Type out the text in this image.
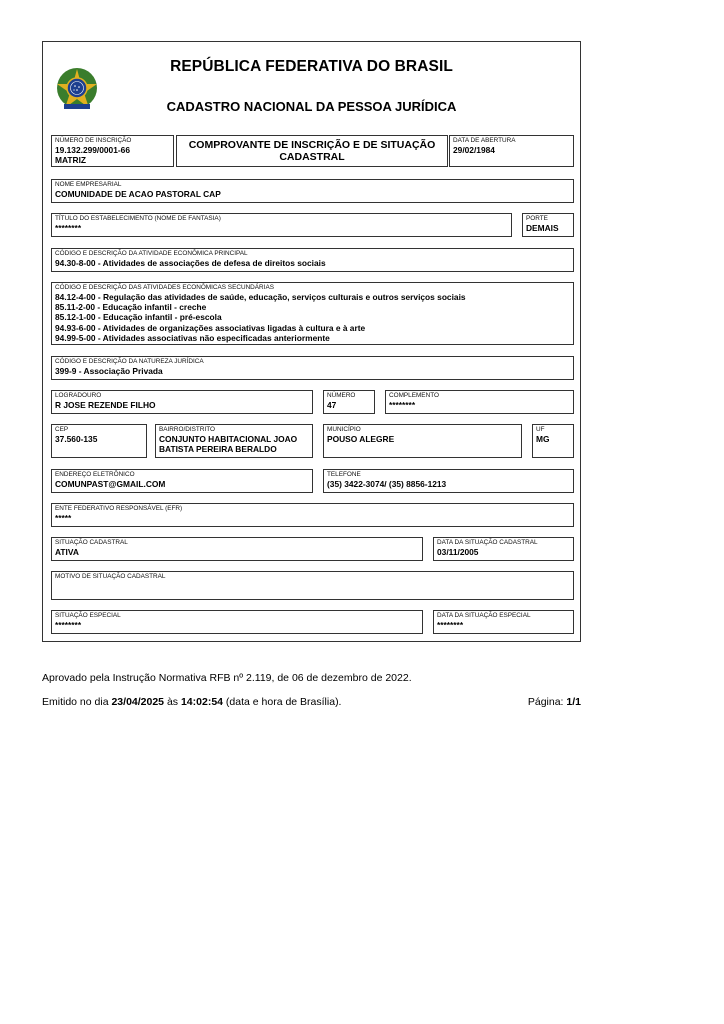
REPÚBLICA FEDERATIVA DO BRASIL
CADASTRO NACIONAL DA PESSOA JURÍDICA
NÚMERO DE INSCRIÇÃO
19.132.299/0001-66
MATRIZ
COMPROVANTE DE INSCRIÇÃO E DE SITUAÇÃO
CADASTRAL
DATA DE ABERTURA
29/02/1984
NOME EMPRESARIAL
COMUNIDADE DE ACAO PASTORAL CAP
TÍTULO DO ESTABELECIMENTO (NOME DE FANTASIA)
********
PORTE
DEMAIS
CÓDIGO E DESCRIÇÃO DA ATIVIDADE ECONÔMICA PRINCIPAL
94.30-8-00 - Atividades de associações de defesa de direitos sociais
CÓDIGO E DESCRIÇÃO DAS ATIVIDADES ECONÔMICAS SECUNDÁRIAS
84.12-4-00 - Regulação das atividades de saúde, educação, serviços culturais e outros serviços sociais
85.11-2-00 - Educação infantil - creche
85.12-1-00 - Educação infantil - pré-escola
94.93-6-00 - Atividades de organizações associativas ligadas à cultura e à arte
94.99-5-00 - Atividades associativas não especificadas anteriormente
CÓDIGO E DESCRIÇÃO DA NATUREZA JURÍDICA
399-9 - Associação Privada
LOGRADOURO
R JOSE REZENDE FILHO
NÚMERO
47
COMPLEMENTO
********
CEP
37.560-135
BAIRRO/DISTRITO
CONJUNTO HABITACIONAL JOAO
BATISTA PEREIRA BERALDO
MUNICÍPIO
POUSO ALEGRE
UF
MG
ENDEREÇO ELETRÔNICO
COMUNPAST@GMAIL.COM
TELEFONE
(35) 3422-3074/ (35) 8856-1213
ENTE FEDERATIVO RESPONSÁVEL (EFR)
*****
SITUAÇÃO CADASTRAL
ATIVA
DATA DA SITUAÇÃO CADASTRAL
03/11/2005
MOTIVO DE SITUAÇÃO CADASTRAL
SITUAÇÃO ESPECIAL
********
DATA DA SITUAÇÃO ESPECIAL
********
Aprovado pela Instrução Normativa RFB nº 2.119, de 06 de dezembro de 2022.
Emitido no dia 23/04/2025 às 14:02:54 (data e hora de Brasília).	Página: 1/1
